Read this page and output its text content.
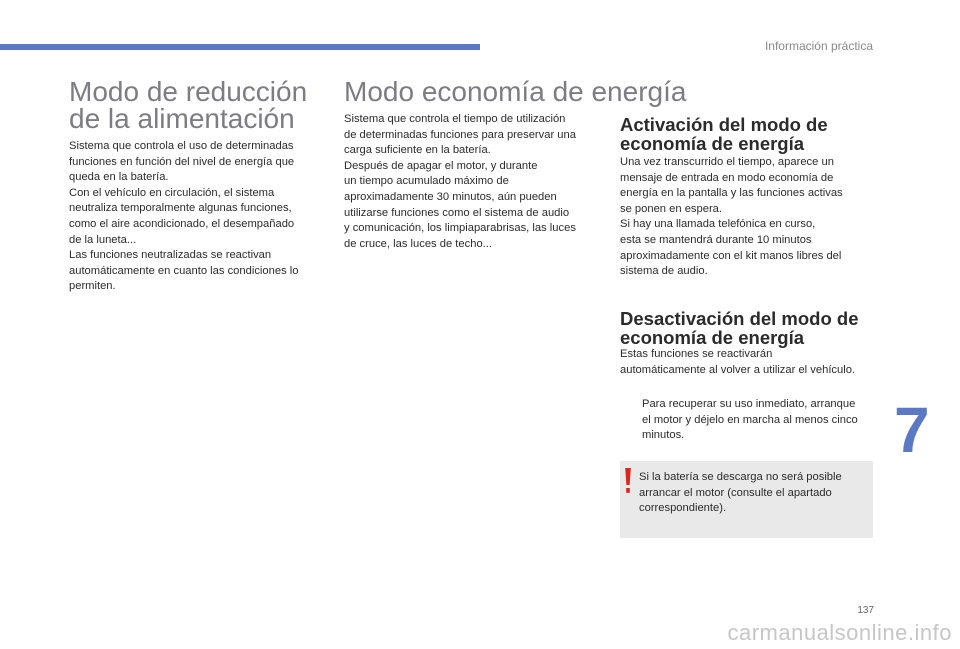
Información práctica
7
137
Modo de reducción de la alimentación

Sistema que controla el uso de determinadas
funciones en función del nivel de energía que
queda en la batería.
Con el vehículo en circulación, el sistema
neutraliza temporalmente algunas funciones,
como el aire acondicionado, el desempañado
de la luneta...
Las funciones neutralizadas se reactivan
automáticamente en cuanto las condiciones lo
permiten.

Modo economía de energía

Sistema que controla el tiempo de utilización
de determinadas funciones para preservar una
carga suficiente en la batería.
Después de apagar el motor, y durante
un tiempo acumulado máximo de
aproximadamente 30 minutos, aún pueden
utilizarse funciones como el sistema de audio
y comunicación, los limpiaparabrisas, las luces
de cruce, las luces de techo...

Activación del modo de economía de energía

Una vez transcurrido el tiempo, aparece un
mensaje de entrada en modo economía de
energía en la pantalla y las funciones activas
se ponen en espera.
Si hay una llamada telefónica en curso,
esta se mantendrá durante 10 minutos
aproximadamente con el kit manos libres del
sistema de audio.

Desactivación del modo de economía de energía

Estas funciones se reactivarán
automáticamente al volver a utilizar el vehículo.

Para recuperar su uso inmediato, arranque
el motor y déjelo en marcha al menos cinco
minutos.

Si la batería se descarga no será posible
arrancar el motor (consulte el apartado
correspondiente).

carmanualsonline.info
